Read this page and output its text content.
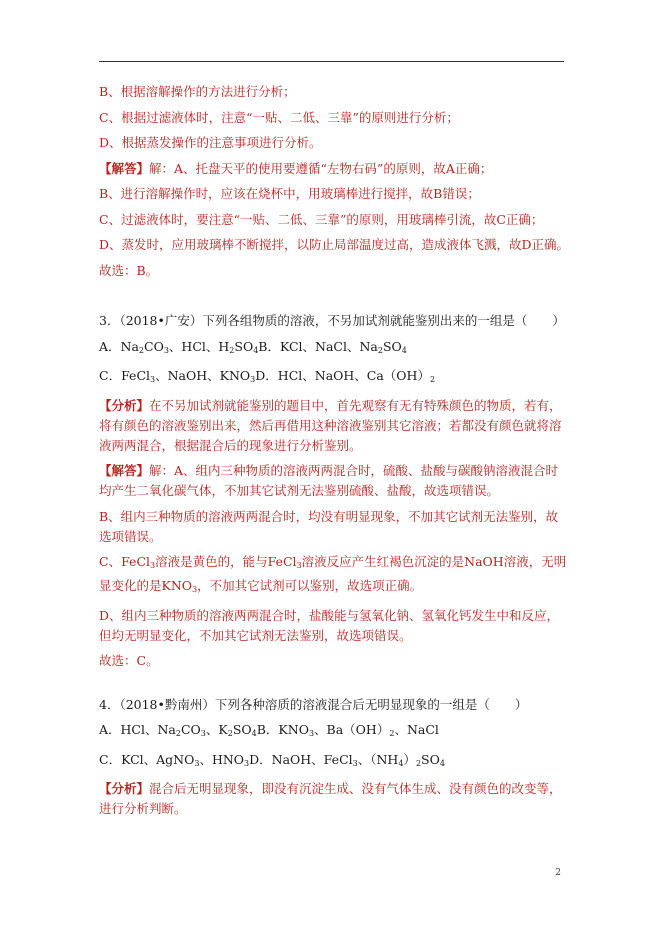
B、根据溶解操作的方法进行分析；
C、根据过滤液体时，注意“一贴、二低、三靠”的原则进行分析；
D、根据蒸发操作的注意事项进行分析。
【解答】解：A、托盘天平的使用要遵循“左物右码”的原则，故A正确；
B、进行溶解操作时，应该在烧杯中，用玻璃棒进行搅拌，故B错误；
C、过滤液体时，要注意“一贴、二低、三靠”的原则，用玻璃棒引流，故C正确；
D、蒸发时，应用玻璃棒不断搅拌，以防止局部温度过高，造成液体飞溅，故D正确。
故选：B。
3．（2018•广安）下列各组物质的溶液，不另加试剂就能鉴别出来的一组是（　　）
A．$Na_2CO_3$、HCl、$H_2SO_4B$．KCl、NaCl、$Na_2SO_4$
C．FeCl$_3$、NaOH、$KNO_3D$．HCl、NaOH、$Ca(OH)_2$
【分析】在不另加试剂就能鉴别的题目中，首先观察有无有特殊颜色的物质，若有，将有颜色的溶液鉴别出来，然后再借用这种溶液鉴别其它溶液；若都没有颜色就将溶液两两混合，根据混合后的现象进行分析鉴别。
【解答】解：A、组内三种物质的溶液两两混合时，硫酸、盐酸与碳酸钠溶液混合时均产生二氧化碳气体，不加其它试剂无法鉴别硫酸、盐酸，故选项错误。
B、组内三种物质的溶液两两混合时，均没有明显现象，不加其它试剂无法鉴别，故选项错误。
C、FeCl$_3$溶液是黄色的，能与FeCl$_3$溶液反应产生红褐色沉淀的是NaOH溶液，无明显变化的是$KNO_3$，不加其它试剂可以鉴别，故选项正确。
D、组内三种物质的溶液两两混合时，盐酸能与氢氧化钠、氢氧化钙发生中和反应，但均无明显变化，不加其它试剂无法鉴别，故选项错误。
故选：C。
4．（2018•黔南州）下列各种溶质的溶液混合后无明显现象的一组是（　　）
A．HCl、$Na_2CO_3$、$K_2SO_4B$．$KNO_3$、$Ba(OH)_2$、NaCl
C．KCl、AgNO$_3$、$HNO_3D$．NaOH、FeCl$_3$、$(NH_4)_2SO_4$
【分析】混合后无明显现象，即没有沉淀生成、没有气体生成、没有颜色的改变等，进行分析判断。
2
